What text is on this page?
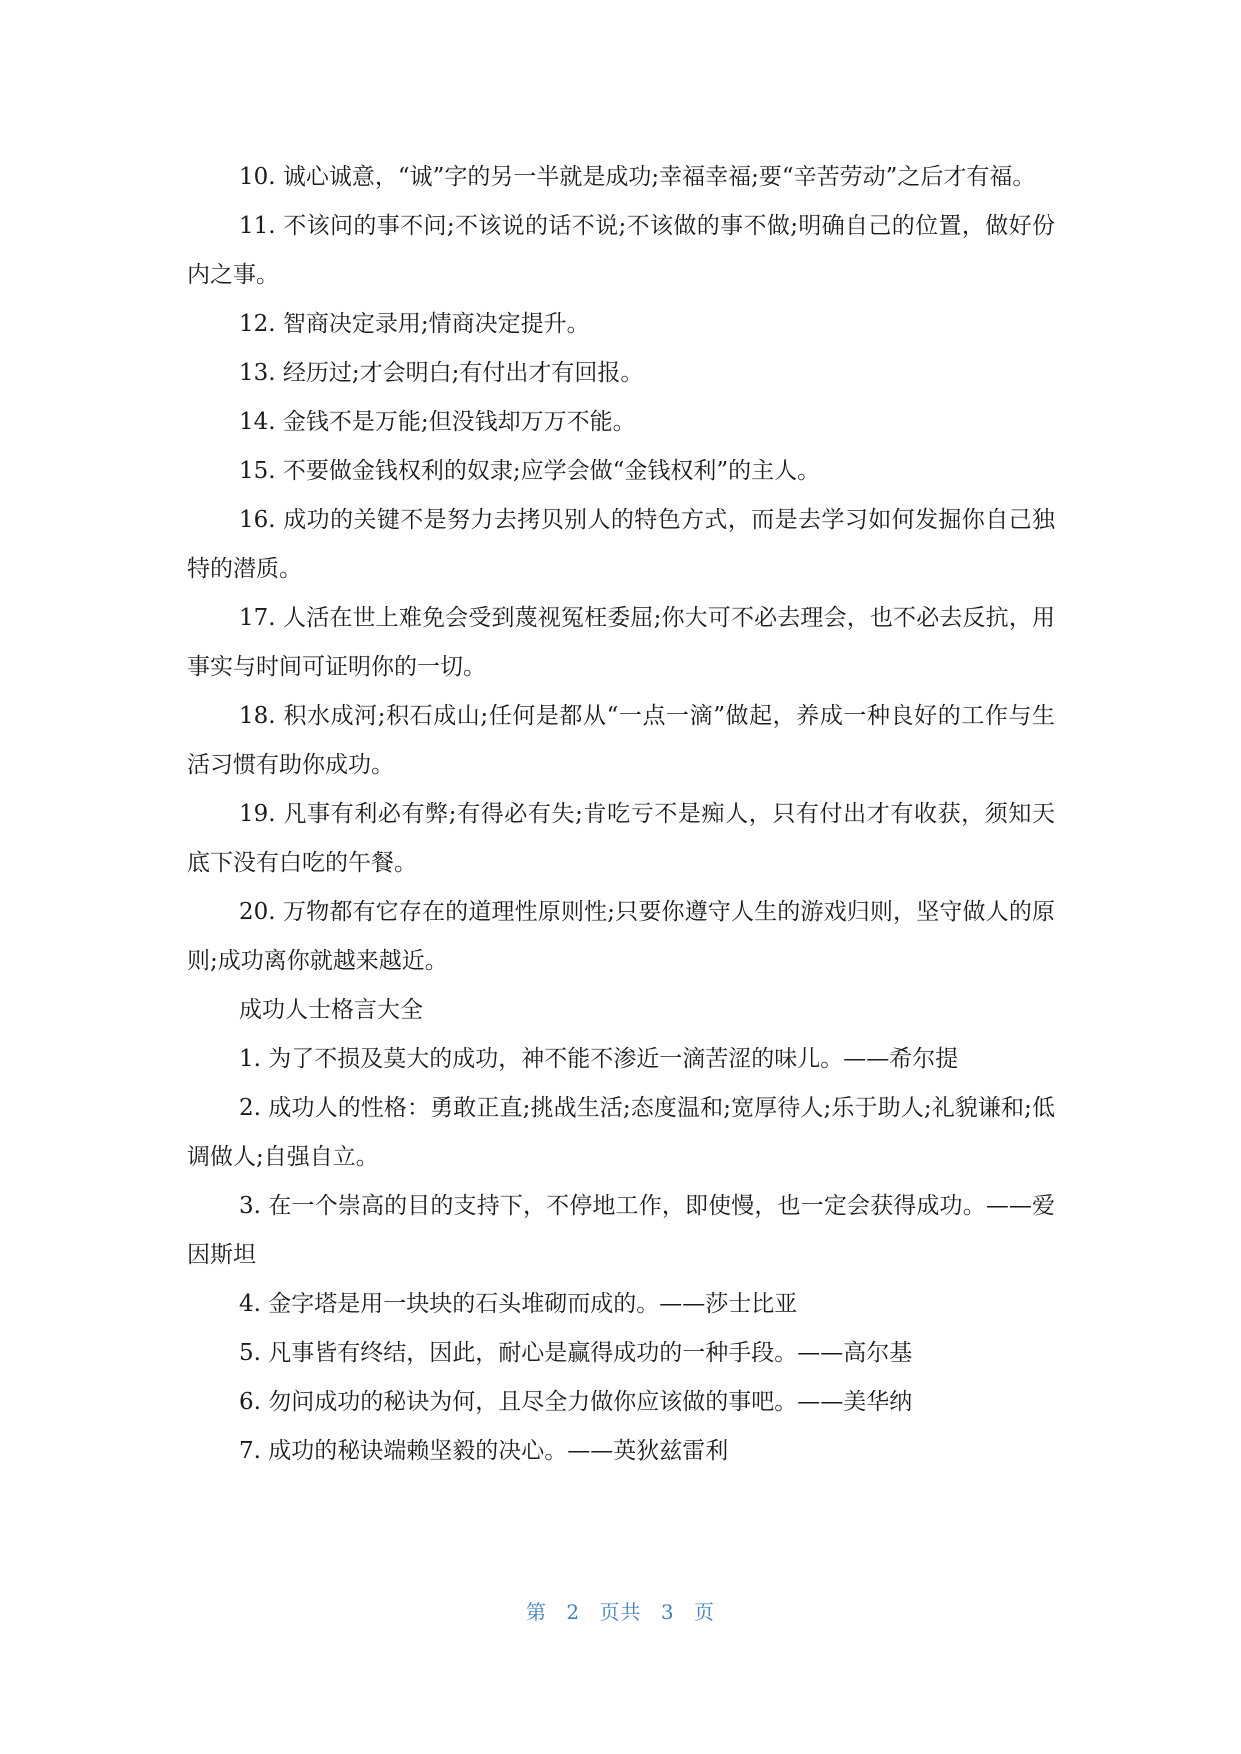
10. 诚心诚意，“诚”字的另一半就是成功;幸福幸福;要“辛苦劳动”之后才有福。

11. 不该问的事不问;不该说的话不说;不该做的事不做;明确自己的位置，做好份内之事。

12. 智商决定录用;情商决定提升。

13. 经历过;才会明白;有付出才有回报。

14. 金钱不是万能;但没钱却万万不能。

15. 不要做金钱权利的奴隶;应学会做“金钱权利”的主人。

16. 成功的关键不是努力去拷贝别人的特色方式，而是去学习如何发掘你自己独特的潜质。

17. 人活在世上难免会受到蔑视冤枉委屈;你大可不必去理会，也不必去反抗，用事实与时间可证明你的一切。

18. 积水成河;积石成山;任何是都从“一点一滴”做起，养成一种良好的工作与生活习惯有助你成功。

19. 凡事有利必有弊;有得必有失;肯吃亏不是痴人，只有付出才有收获，须知天底下没有白吃的午餐。

20. 万物都有它存在的道理性原则性;只要你遵守人生的游戏归则，坚守做人的原则;成功离你就越来越近。

成功人士格言大全

1. 为了不损及莫大的成功，神不能不渗近一滴苦涩的味儿。——希尔提

2. 成功人的性格：勇敢正直;挑战生活;态度温和;宽厚待人;乐于助人;礼貌谦和;低调做人;自强自立。

3. 在一个崇高的目的支持下，不停地工作，即使慢，也一定会获得成功。——爱因斯坦

4. 金字塔是用一块块的石头堆砌而成的。——莎士比亚

5. 凡事皆有终结，因此，耐心是赢得成功的一种手段。——高尔基

6. 勿问成功的秘诀为何，且尽全力做你应该做的事吧。——美华纳

7. 成功的秘诀端赖坚毅的决心。——英狄兹雷利

第 2 页共 3 页
